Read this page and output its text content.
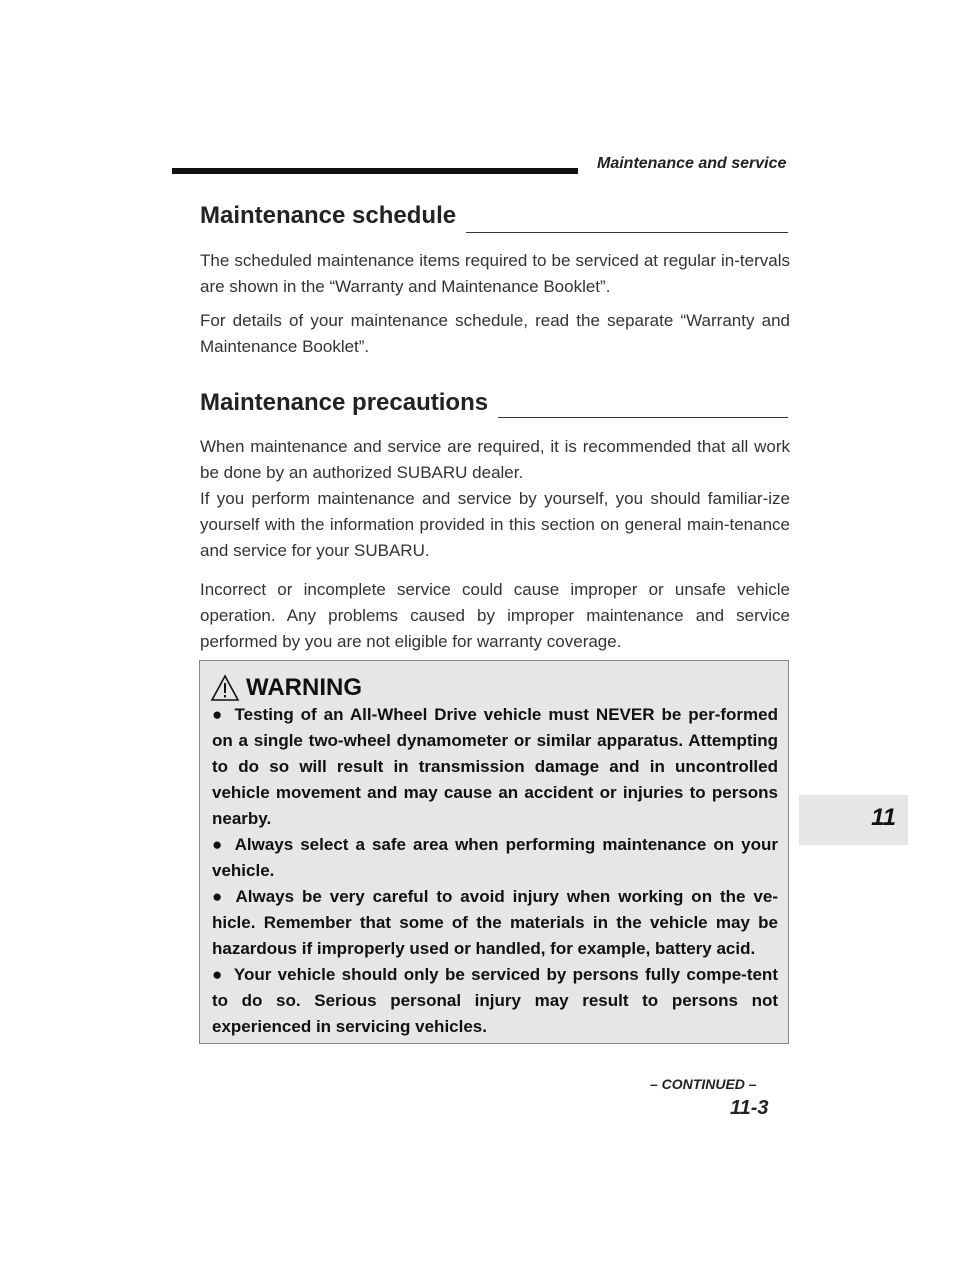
Maintenance and service
Maintenance schedule
The scheduled maintenance items required to be serviced at regular in-tervals are shown in the “Warranty and Maintenance Booklet”.
For details of your maintenance schedule, read the separate “Warranty and Maintenance Booklet”.
Maintenance precautions
When maintenance and service are required, it is recommended that all work be done by an authorized SUBARU dealer.
If you perform maintenance and service by yourself, you should familiar-ize yourself with the information provided in this section on general main-tenance and service for your SUBARU.
Incorrect or incomplete service could cause improper or unsafe vehicle operation. Any problems caused by improper maintenance and service performed by you are not eligible for warranty coverage.
WARNING

● Testing of an All-Wheel Drive vehicle must NEVER be per-formed on a single two-wheel dynamometer or similar apparatus. Attempting to do so will result in transmission damage and in uncontrolled vehicle movement and may cause an accident or injuries to persons nearby.

● Always select a safe area when performing maintenance on your vehicle.

● Always be very careful to avoid injury when working on the ve-hicle. Remember that some of the materials in the vehicle may be hazardous if improperly used or handled, for example, battery acid.

● Your vehicle should only be serviced by persons fully compe-tent to do so. Serious personal injury may result to persons not experienced in servicing vehicles.

11
– CONTINUED –
11-3
